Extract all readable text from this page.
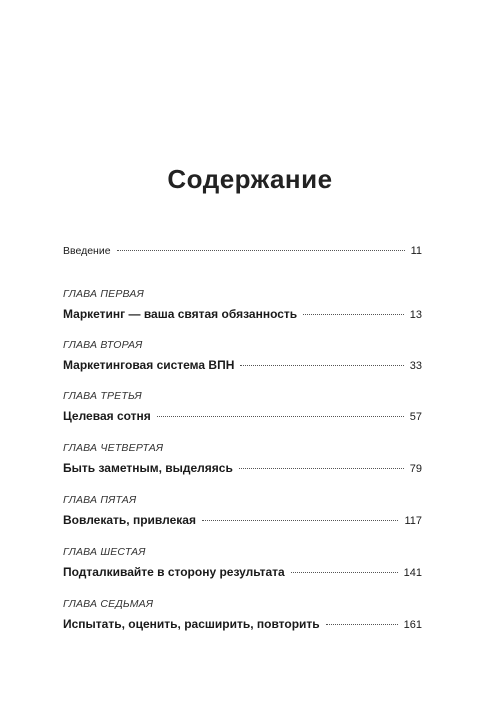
Содержание
Введение	11
ГЛАВА ПЕРВАЯ
Маркетинг — ваша святая обязанность	13
ГЛАВА ВТОРАЯ
Маркетинговая система ВПН	33
ГЛАВА ТРЕТЬЯ
Целевая сотня	57
ГЛАВА ЧЕТВЕРТАЯ
Быть заметным, выделяясь	79
ГЛАВА ПЯТАЯ
Вовлекать, привлекая	117
ГЛАВА ШЕСТАЯ
Подталкивайте в сторону результата	141
ГЛАВА СЕДЬМАЯ
Испытать, оценить, расширить, повторить	161
